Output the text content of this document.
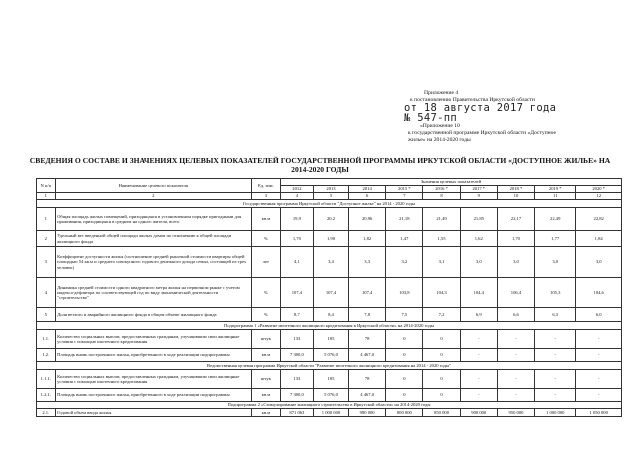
Приложение 4
к постановлению Правительства Иркутской области
от 18 августа 2017 года
№ 547-пп
«Приложение 10
к государственной программе Иркутской области «Доступное
жилье» на 2014-2020 годы
СВЕДЕНИЯ О СОСТАВЕ И ЗНАЧЕНИЯХ ЦЕЛЕВЫХ ПОКАЗАТЕЛЕЙ ГОСУДАРСТВЕННОЙ ПРОГРАММЫ ИРКУТСКОЙ ОБЛАСТИ «ДОСТУПНОЕ ЖИЛЬЕ» НА
2014-2020 ГОДЫ
N п/п	Наименование целевого показателя	Ед. изм.	Значения целевых показателей								
			2012	2013	2014	2015 *	2016 *	2017 *	2018 *	2019 *	2020 *
1	2	3	4	5	6	7	8	9	10	11	12
Государственная программа Иркутской области "Доступное жилье" на 2014 - 2020 годы											
1	Общая площадь жилых помещений, приходящаяся в установленном порядке пригодными для проживания, приходящаяся в среднем на одного жителя, всего	кв.м	19,9	20,2	20,96	21,18	21,49	21,85	22,17	22,49	22,82
2	Удельный вес введенной общей площади жилых домов по отношению к общей площади жилищного фонда	%	1,70	1,90	1,82	1,47	1,55	1,62	1,70	1,77	1,84
3	Коэффициент доступности жилья (соотношение средней рыночной стоимости квартиры общей площадью 54 кв.м и среднего совокупного годового денежного дохода семьи, состоящей из трех человек)	лет	4,1	3,4	3,3	3,2	3,1	3,0	3,0	3,0	3,0
4	Динамика средней стоимости одного квадратного метра жилья на первичном рынке с учетом индекса-дефлятора по соответствующей год по виду экономической деятельности "строительство"	%	107,4	107,4	107,4	103,8	104,3	104,4	106,4	105,3	104,6
5	Доля ветхого и аварийного жилищного фонда в общем объеме жилищного фонда	%	8,7	8,4	7,8	7,5	7,2	6,9	6,6	6,3	6,0
Подпрограмма 1 «Развитие ипотечного жилищного кредитования в Иркутской области» на 2014-2020 годы											
1.1.	Количество социальных выплат, предоставленных гражданам, улучшившим свои жилищные условия с помощью ипотечного кредитования	штук	133	105	78	0	0	-	-	-	-
1.2.	Площадь вновь построенного жилья, приобретенного в ходе реализации подпрограммы	кв.м	7 300,0	5 076,0	4 467,0	0	0	-	-	-	-
Ведомственная целевая программа Иркутской области "Развитие ипотечного жилищного кредитования на 2014 - 2020 годы"											
1.1.1.	Количество социальных выплат, предоставленных гражданам, улучшившим свои жилищные условия с помощью ипотечного кредитования	штук	133	105	78	0	0	-	-	-	-
1.2.1.	Площадь вновь построенного жилья, приобретенного в ходе реализации подпрограммы	кв.м	7 300,0	5 076,0	4 467,0	0	0	-	-	-	-
Подпрограмма 2 «Стимулирование жилищного строительства в Иркутской области» на 2014-2020 годы											
2.1.	Годовой объем ввода жилья	кв.м	871 063	1 000 000	980 000	800 000	850 000	900 000	950 000	1 000 000	1 050 000
